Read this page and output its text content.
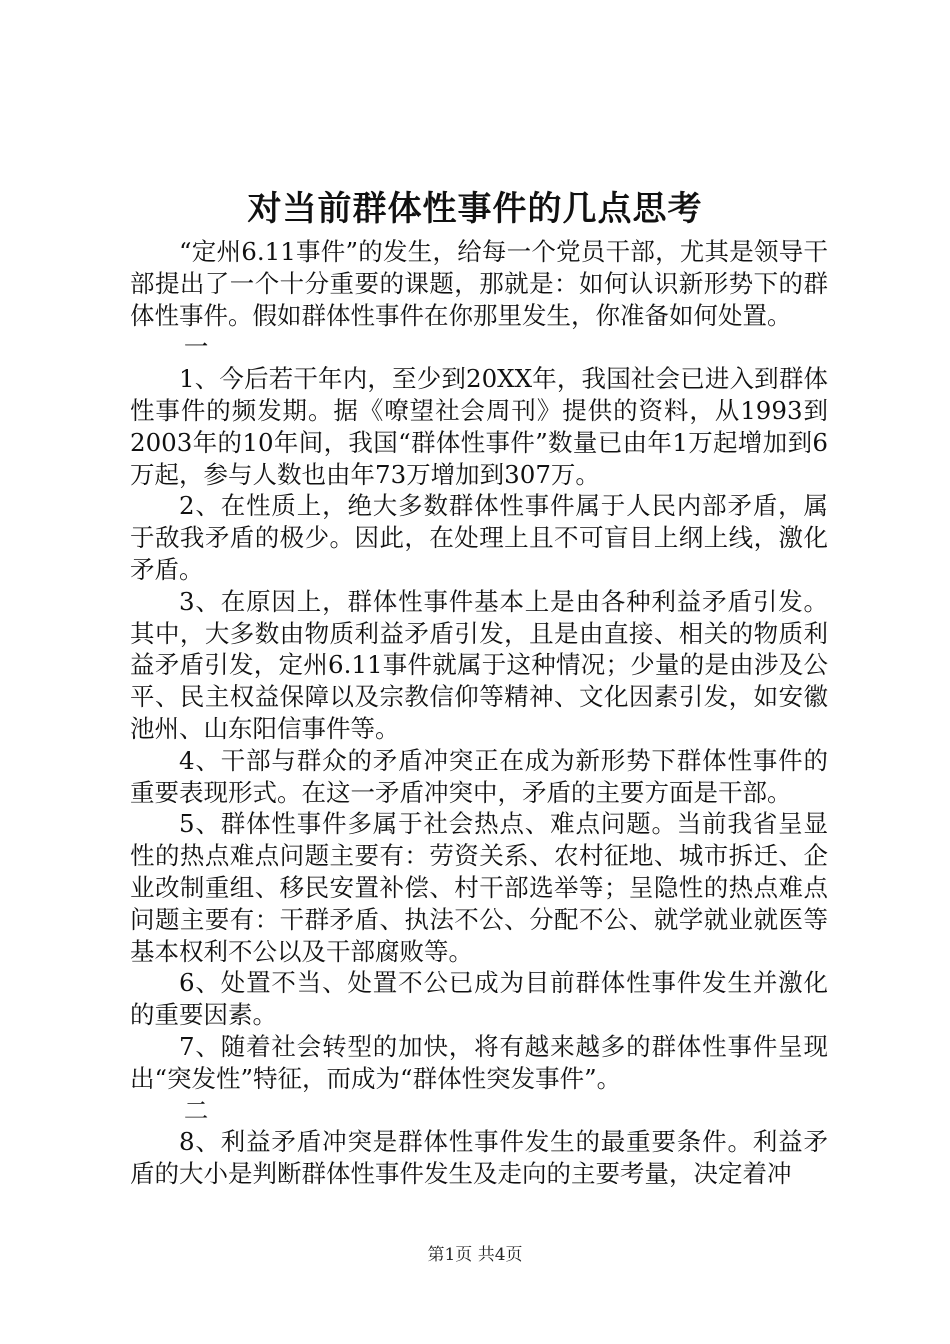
对当前群体性事件的几点思考

“定州6.11事件”的发生，给每一个党员干部，尤其是领导干部提出了一个十分重要的课题，那就是：如何认识新形势下的群体性事件。假如群体性事件在你那里发生，你准备如何处置。

一

1、今后若干年内，至少到20XX年，我国社会已进入到群体性事件的频发期。据《嘹望社会周刊》提供的资料，从1993到2003年的10年间，我国“群体性事件”数量已由年1万起增加到6万起，参与人数也由年73万增加到307万。

2、在性质上，绝大多数群体性事件属于人民内部矛盾，属于敌我矛盾的极少。因此，在处理上且不可盲目上纲上线，激化矛盾。

3、在原因上，群体性事件基本上是由各种利益矛盾引发。其中，大多数由物质利益矛盾引发，且是由直接、相关的物质利益矛盾引发，定州6.11事件就属于这种情况；少量的是由涉及公平、民主权益保障以及宗教信仰等精神、文化因素引发，如安徽池州、山东阳信事件等。

4、干部与群众的矛盾冲突正在成为新形势下群体性事件的重要表现形式。在这一矛盾冲突中，矛盾的主要方面是干部。

5、群体性事件多属于社会热点、难点问题。当前我省呈显性的热点难点问题主要有：劳资关系、农村征地、城市拆迁、企业改制重组、移民安置补偿、村干部选举等；呈隐性的热点难点问题主要有：干群矛盾、执法不公、分配不公、就学就业就医等基本权利不公以及干部腐败等。

6、处置不当、处置不公已成为目前群体性事件发生并激化的重要因素。

7、随着社会转型的加快，将有越来越多的群体性事件呈现出“突发性”特征，而成为“群体性突发事件”。

二

8、利益矛盾冲突是群体性事件发生的最重要条件。利益矛盾的大小是判断群体性事件发生及走向的主要考量，决定着冲

第1页 共4页
